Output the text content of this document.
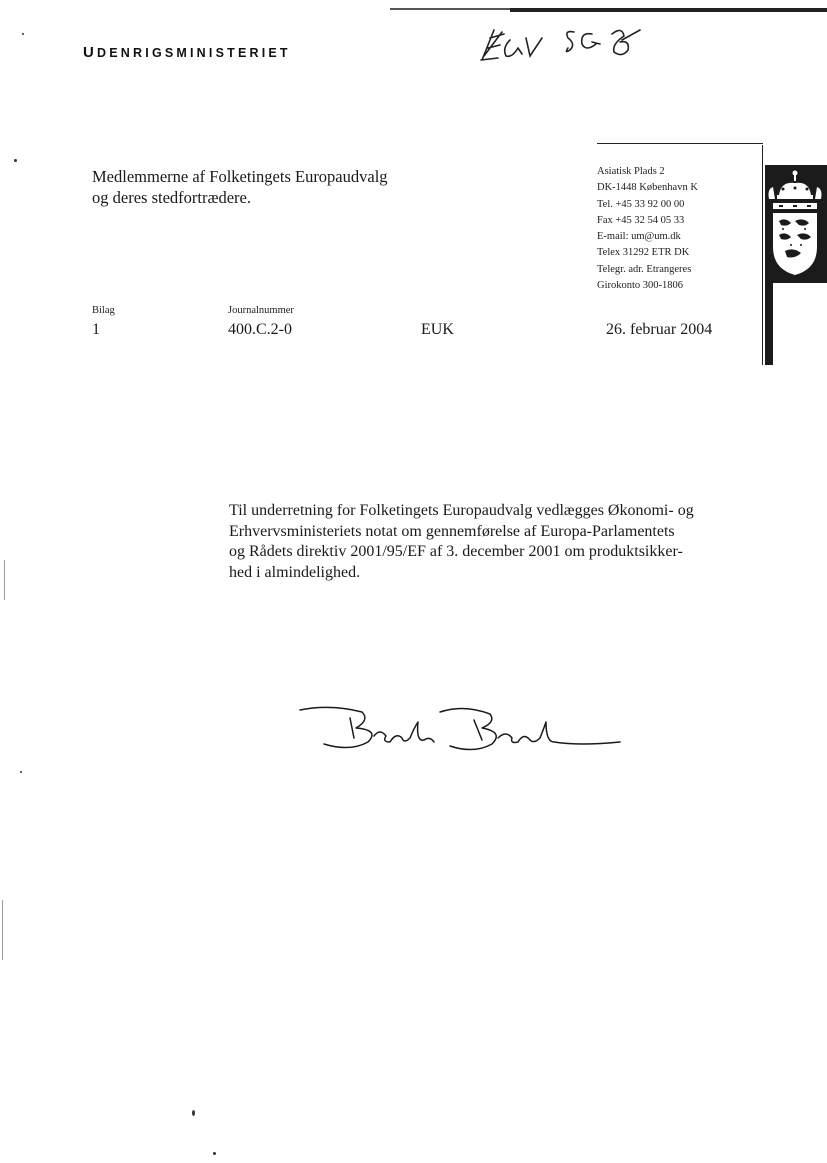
UDENRIGSMINISTERIET
Medlemmerne af Folketingets Europaudvalg
og deres stedfortrædere.
Asiatisk Plads 2
DK-1448 København K
Tel. +45 33 92 00 00
Fax +45 32 54 05 33
E-mail: um@um.dk
Telex 31292 ETR DK
Telegr. adr. Etrangeres
Girokonto 300-1806
Bilag
1
Journalnummer
400.C.2-0	EUK	26. februar 2004
Til underretning for Folketingets Europaudvalg vedlægges Økonomi- og
Erhvervsministeriets notat om gennemførelse af Europa-Parlamentets
og Rådets direktiv 2001/95/EF af 3. december 2001 om produktsikker-
hed i almindelighed.
